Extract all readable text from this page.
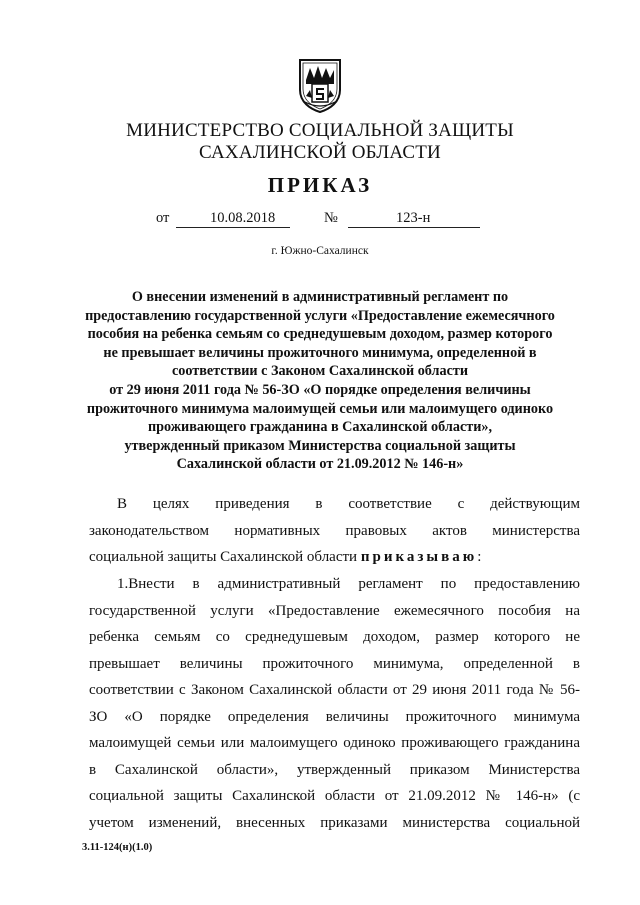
МИНИСТЕРСТВО СОЦИАЛЬНОЙ ЗАЩИТЫ
САХАЛИНСКОЙ ОБЛАСТИ
ПРИКАЗ
от	10.08.2018	№	123-н
г. Южно-Сахалинск
О внесении изменений в административный регламент по
предоставлению государственной услуги «Предоставление ежемесячного
пособия на ребенка семьям со среднедушевым доходом, размер которого
не превышает величины прожиточного минимума, определенной в
соответствии с Законом Сахалинской области
от 29 июня 2011 года № 56-ЗО «О порядке определения величины
прожиточного минимума малоимущей семьи или малоимущего одиноко
проживающего гражданина в Сахалинской области»,
утвержденный приказом Министерства социальной защиты
Сахалинской области от 21.09.2012 № 146-н»
В целях приведения в соответствие с действующим
законодательством нормативных правовых актов министерства
социальной защиты Сахалинской области приказываю:
1.Внести в административный регламент по предоставлению
государственной услуги «Предоставление ежемесячного пособия на
ребенка семьям со среднедушевым доходом, размер которого не
превышает величины прожиточного минимума, определенной в
соответствии с Законом Сахалинской области от 29 июня 2011 года № 56-
ЗО «О порядке определения величины прожиточного минимума
малоимущей семьи или малоимущего одиноко проживающего гражданина
в Сахалинской области», утвержденный приказом Министерства
социальной защиты Сахалинской области от 21.09.2012 № 146-н» (с
учетом изменений, внесенных приказами министерства социальной
3.11-124(н)(1.0)
